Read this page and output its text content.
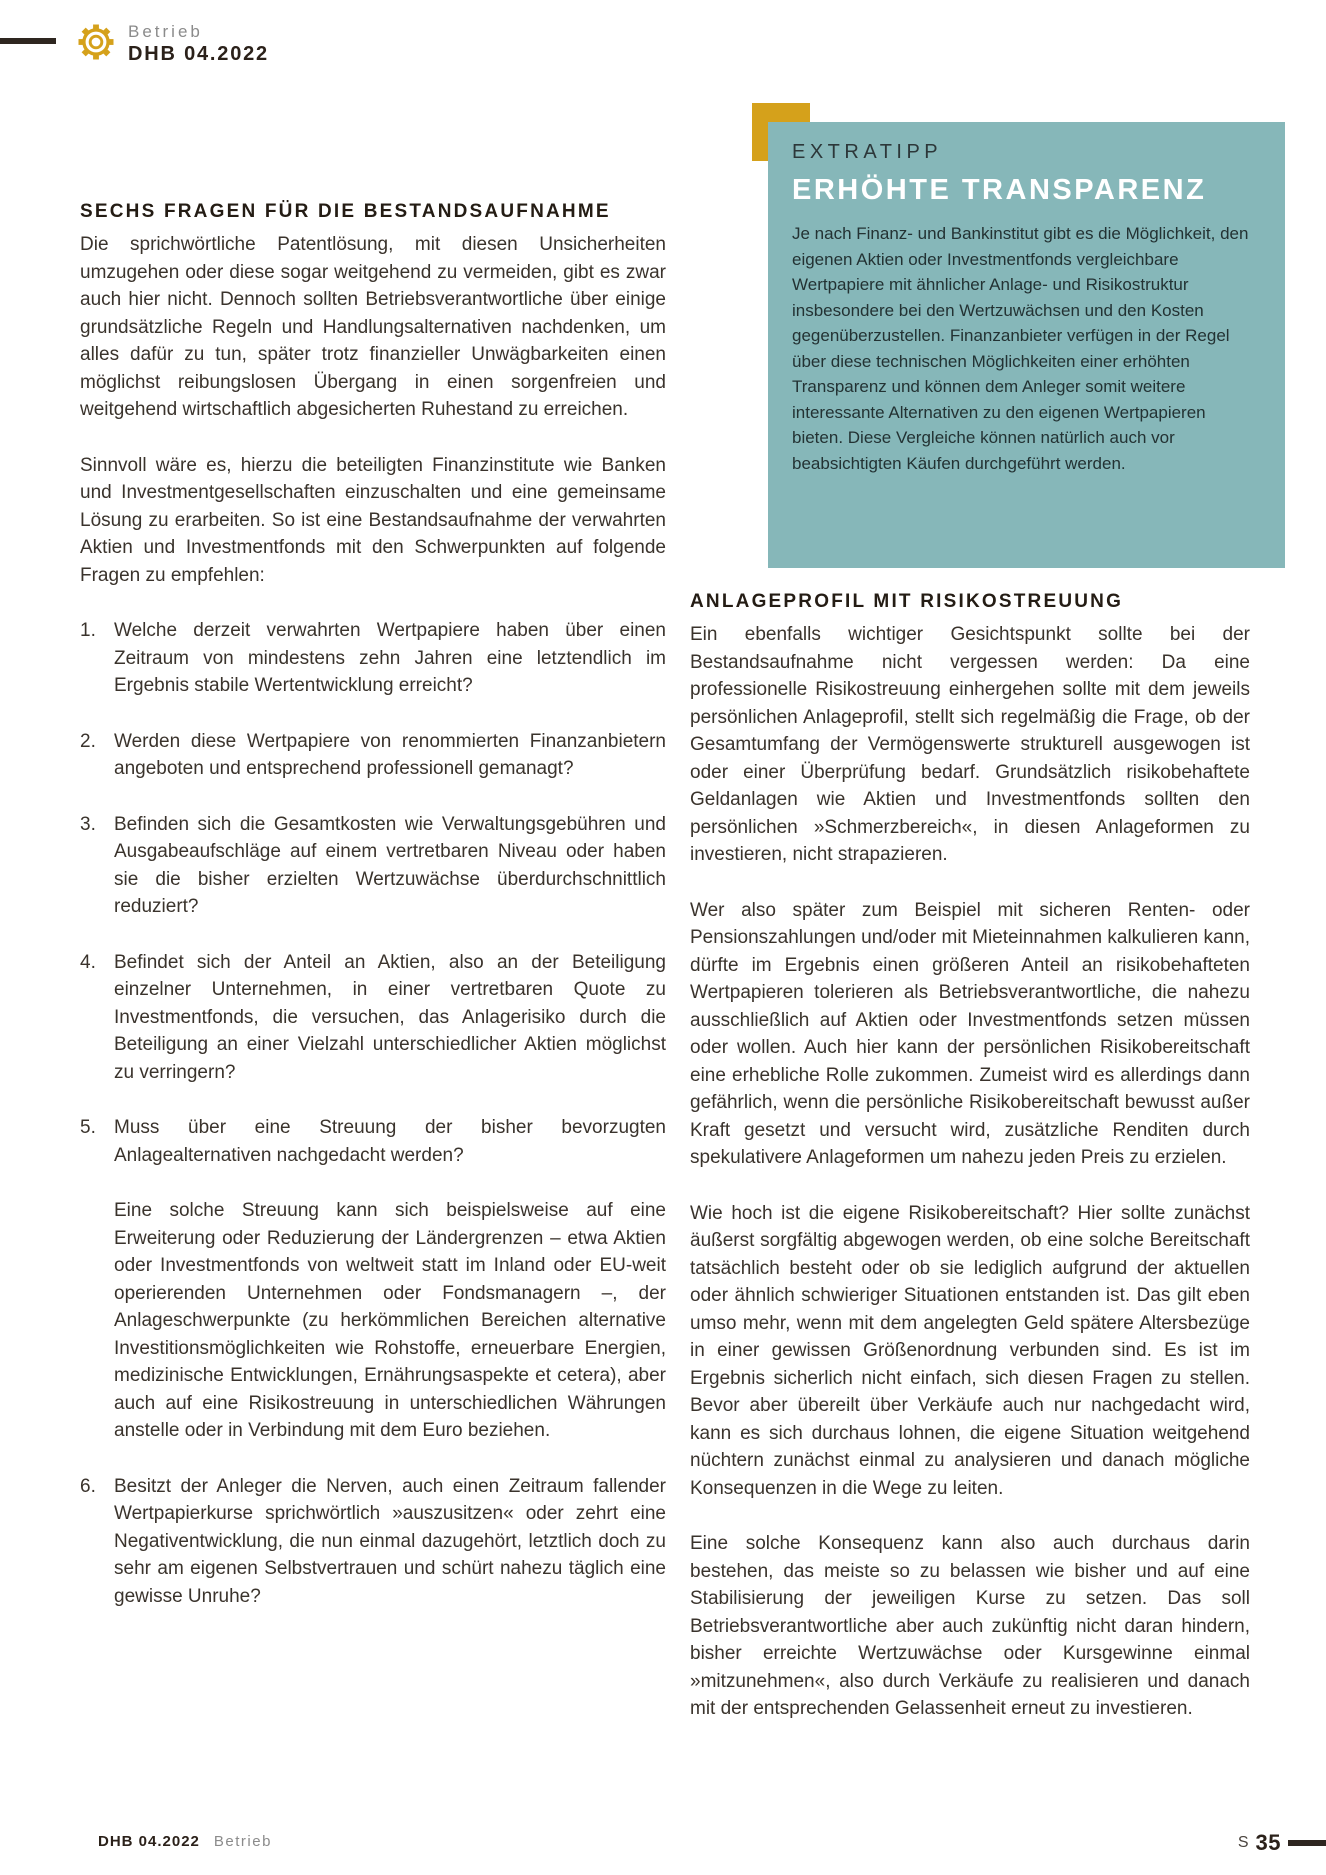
Betrieb
DHB 04.2022
SECHS FRAGEN FÜR DIE BESTANDSAUFNAHME

Die sprichwörtliche Patentlösung, mit diesen Unsicherheiten umzugehen oder diese sogar weitgehend zu vermeiden, gibt es zwar auch hier nicht. Dennoch sollten Betriebsverantwortliche über einige grundsätzliche Regeln und Handlungsalternativen nachdenken, um alles dafür zu tun, später trotz finanzieller Unwägbarkeiten einen möglichst reibungslosen Übergang in einen sorgenfreien und weitgehend wirtschaftlich abgesicherten Ruhestand zu erreichen.

Sinnvoll wäre es, hierzu die beteiligten Finanzinstitute wie Banken und Investmentgesellschaften einzuschalten und eine gemeinsame Lösung zu erarbeiten. So ist eine Bestandsaufnahme der verwahrten Aktien und Investmentfonds mit den Schwerpunkten auf folgende Fragen zu empfehlen:

1. Welche derzeit verwahrten Wertpapiere haben über einen Zeitraum von mindestens zehn Jahren eine letztendlich im Ergebnis stabile Wertentwicklung erreicht?
2. Werden diese Wertpapiere von renommierten Finanzanbietern angeboten und entsprechend professionell gemanagt?
3. Befinden sich die Gesamtkosten wie Verwaltungsgebühren und Ausgabeaufschläge auf einem vertretbaren Niveau oder haben sie die bisher erzielten Wertzuwächse überdurchschnittlich reduziert?
4. Befindet sich der Anteil an Aktien, also an der Beteiligung einzelner Unternehmen, in einer vertretbaren Quote zu Investmentfonds, die versuchen, das Anlagerisiko durch die Beteiligung an einer Vielzahl unterschiedlicher Aktien möglichst zu verringern?
5. Muss über eine Streuung der bisher bevorzugten Anlagealternativen nachgedacht werden?
Eine solche Streuung kann sich beispielsweise auf eine Erweiterung oder Reduzierung der Ländergrenzen – etwa Aktien oder Investmentfonds von weltweit statt im Inland oder EU-weit operierenden Unternehmen oder Fondsmanagern –, der Anlageschwerpunkte (zu herkömmlichen Bereichen alternative Investitionsmöglichkeiten wie Rohstoffe, erneuerbare Energien, medizinische Entwicklungen, Ernährungsaspekte et cetera), aber auch auf eine Risikostreuung in unterschiedlichen Währungen anstelle oder in Verbindung mit dem Euro beziehen.
6. Besitzt der Anleger die Nerven, auch einen Zeitraum fallender Wertpapierkurse sprichwörtlich »auszusitzen« oder zehrt eine Negativentwicklung, die nun einmal dazugehört, letztlich doch zu sehr am eigenen Selbstvertrauen und schürt nahezu täglich eine gewisse Unruhe?
EXTRATIPP
ERHÖHTE TRANSPARENZ
Je nach Finanz- und Bankinstitut gibt es die Möglichkeit, den eigenen Aktien oder Investmentfonds vergleichbare Wertpapiere mit ähnlicher Anlage- und Risikostruktur insbesondere bei den Wertzuwächsen und den Kosten gegenüberzustellen. Finanzanbieter verfügen in der Regel über diese technischen Möglichkeiten einer erhöhten Transparenz und können dem Anleger somit weitere interessante Alternativen zu den eigenen Wertpapieren bieten. Diese Vergleiche können natürlich auch vor beabsichtigten Käufen durchgeführt werden.
ANLAGEPROFIL MIT RISIKOSTREUUNG

Ein ebenfalls wichtiger Gesichtspunkt sollte bei der Bestandsaufnahme nicht vergessen werden: Da eine professionelle Risikostreuung einhergehen sollte mit dem jeweils persönlichen Anlageprofil, stellt sich regelmäßig die Frage, ob der Gesamtumfang der Vermögenswerte strukturell ausgewogen ist oder einer Überprüfung bedarf. Grundsätzlich risikobehaftete Geldanlagen wie Aktien und Investmentfonds sollten den persönlichen »Schmerzbereich«, in diesen Anlageformen zu investieren, nicht strapazieren.

Wer also später zum Beispiel mit sicheren Renten- oder Pensionszahlungen und/oder mit Mieteinnahmen kalkulieren kann, dürfte im Ergebnis einen größeren Anteil an risikobehafteten Wertpapieren tolerieren als Betriebsverantwortliche, die nahezu ausschließlich auf Aktien oder Investmentfonds setzen müssen oder wollen. Auch hier kann der persönlichen Risikobereitschaft eine erhebliche Rolle zukommen. Zumeist wird es allerdings dann gefährlich, wenn die persönliche Risikobereitschaft bewusst außer Kraft gesetzt und versucht wird, zusätzliche Renditen durch spekulativere Anlageformen um nahezu jeden Preis zu erzielen.

Wie hoch ist die eigene Risikobereitschaft? Hier sollte zunächst äußerst sorgfältig abgewogen werden, ob eine solche Bereitschaft tatsächlich besteht oder ob sie lediglich aufgrund der aktuellen oder ähnlich schwieriger Situationen entstanden ist. Das gilt eben umso mehr, wenn mit dem angelegten Geld spätere Altersbezüge in einer gewissen Größenordnung verbunden sind. Es ist im Ergebnis sicherlich nicht einfach, sich diesen Fragen zu stellen. Bevor aber übereilt über Verkäufe auch nur nachgedacht wird, kann es sich durchaus lohnen, die eigene Situation weitgehend nüchtern zunächst einmal zu analysieren und danach mögliche Konsequenzen in die Wege zu leiten.

Eine solche Konsequenz kann also auch durchaus darin bestehen, das meiste so zu belassen wie bisher und auf eine Stabilisierung der jeweiligen Kurse zu setzen. Das soll Betriebsverantwortliche aber auch zukünftig nicht daran hindern, bisher erreichte Wertzuwächse oder Kursgewinne einmal »mitzunehmen«, also durch Verkäufe zu realisieren und danach mit der entsprechenden Gelassenheit erneut zu investieren.

DHB 04.2022 Betrieb	S 35
